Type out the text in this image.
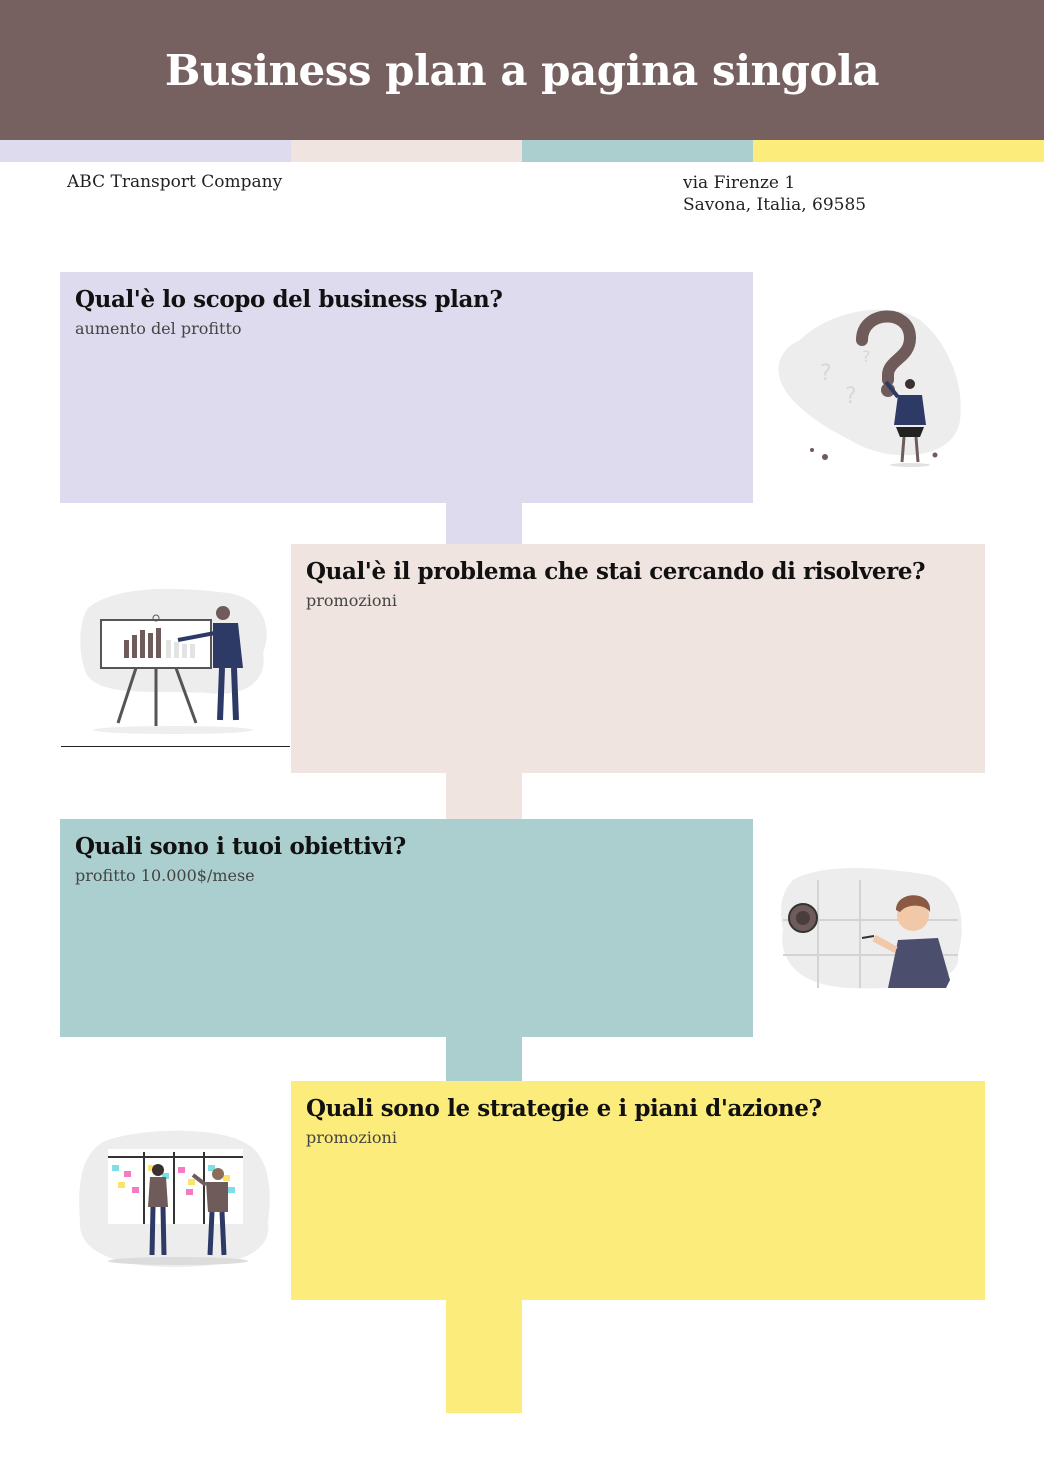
Business plan a pagina singola
ABC Transport Company	via Firenze 1
Savona, Italia, 69585
Qual'è lo scopo del business plan?

aumento del profitto

Qual'è il problema che stai cercando di risolvere?

promozioni

Quali sono i tuoi obiettivi?

profitto 10.000$/mese

Quali sono le strategie e i piani d'azione?

promozioni

?
?
?
